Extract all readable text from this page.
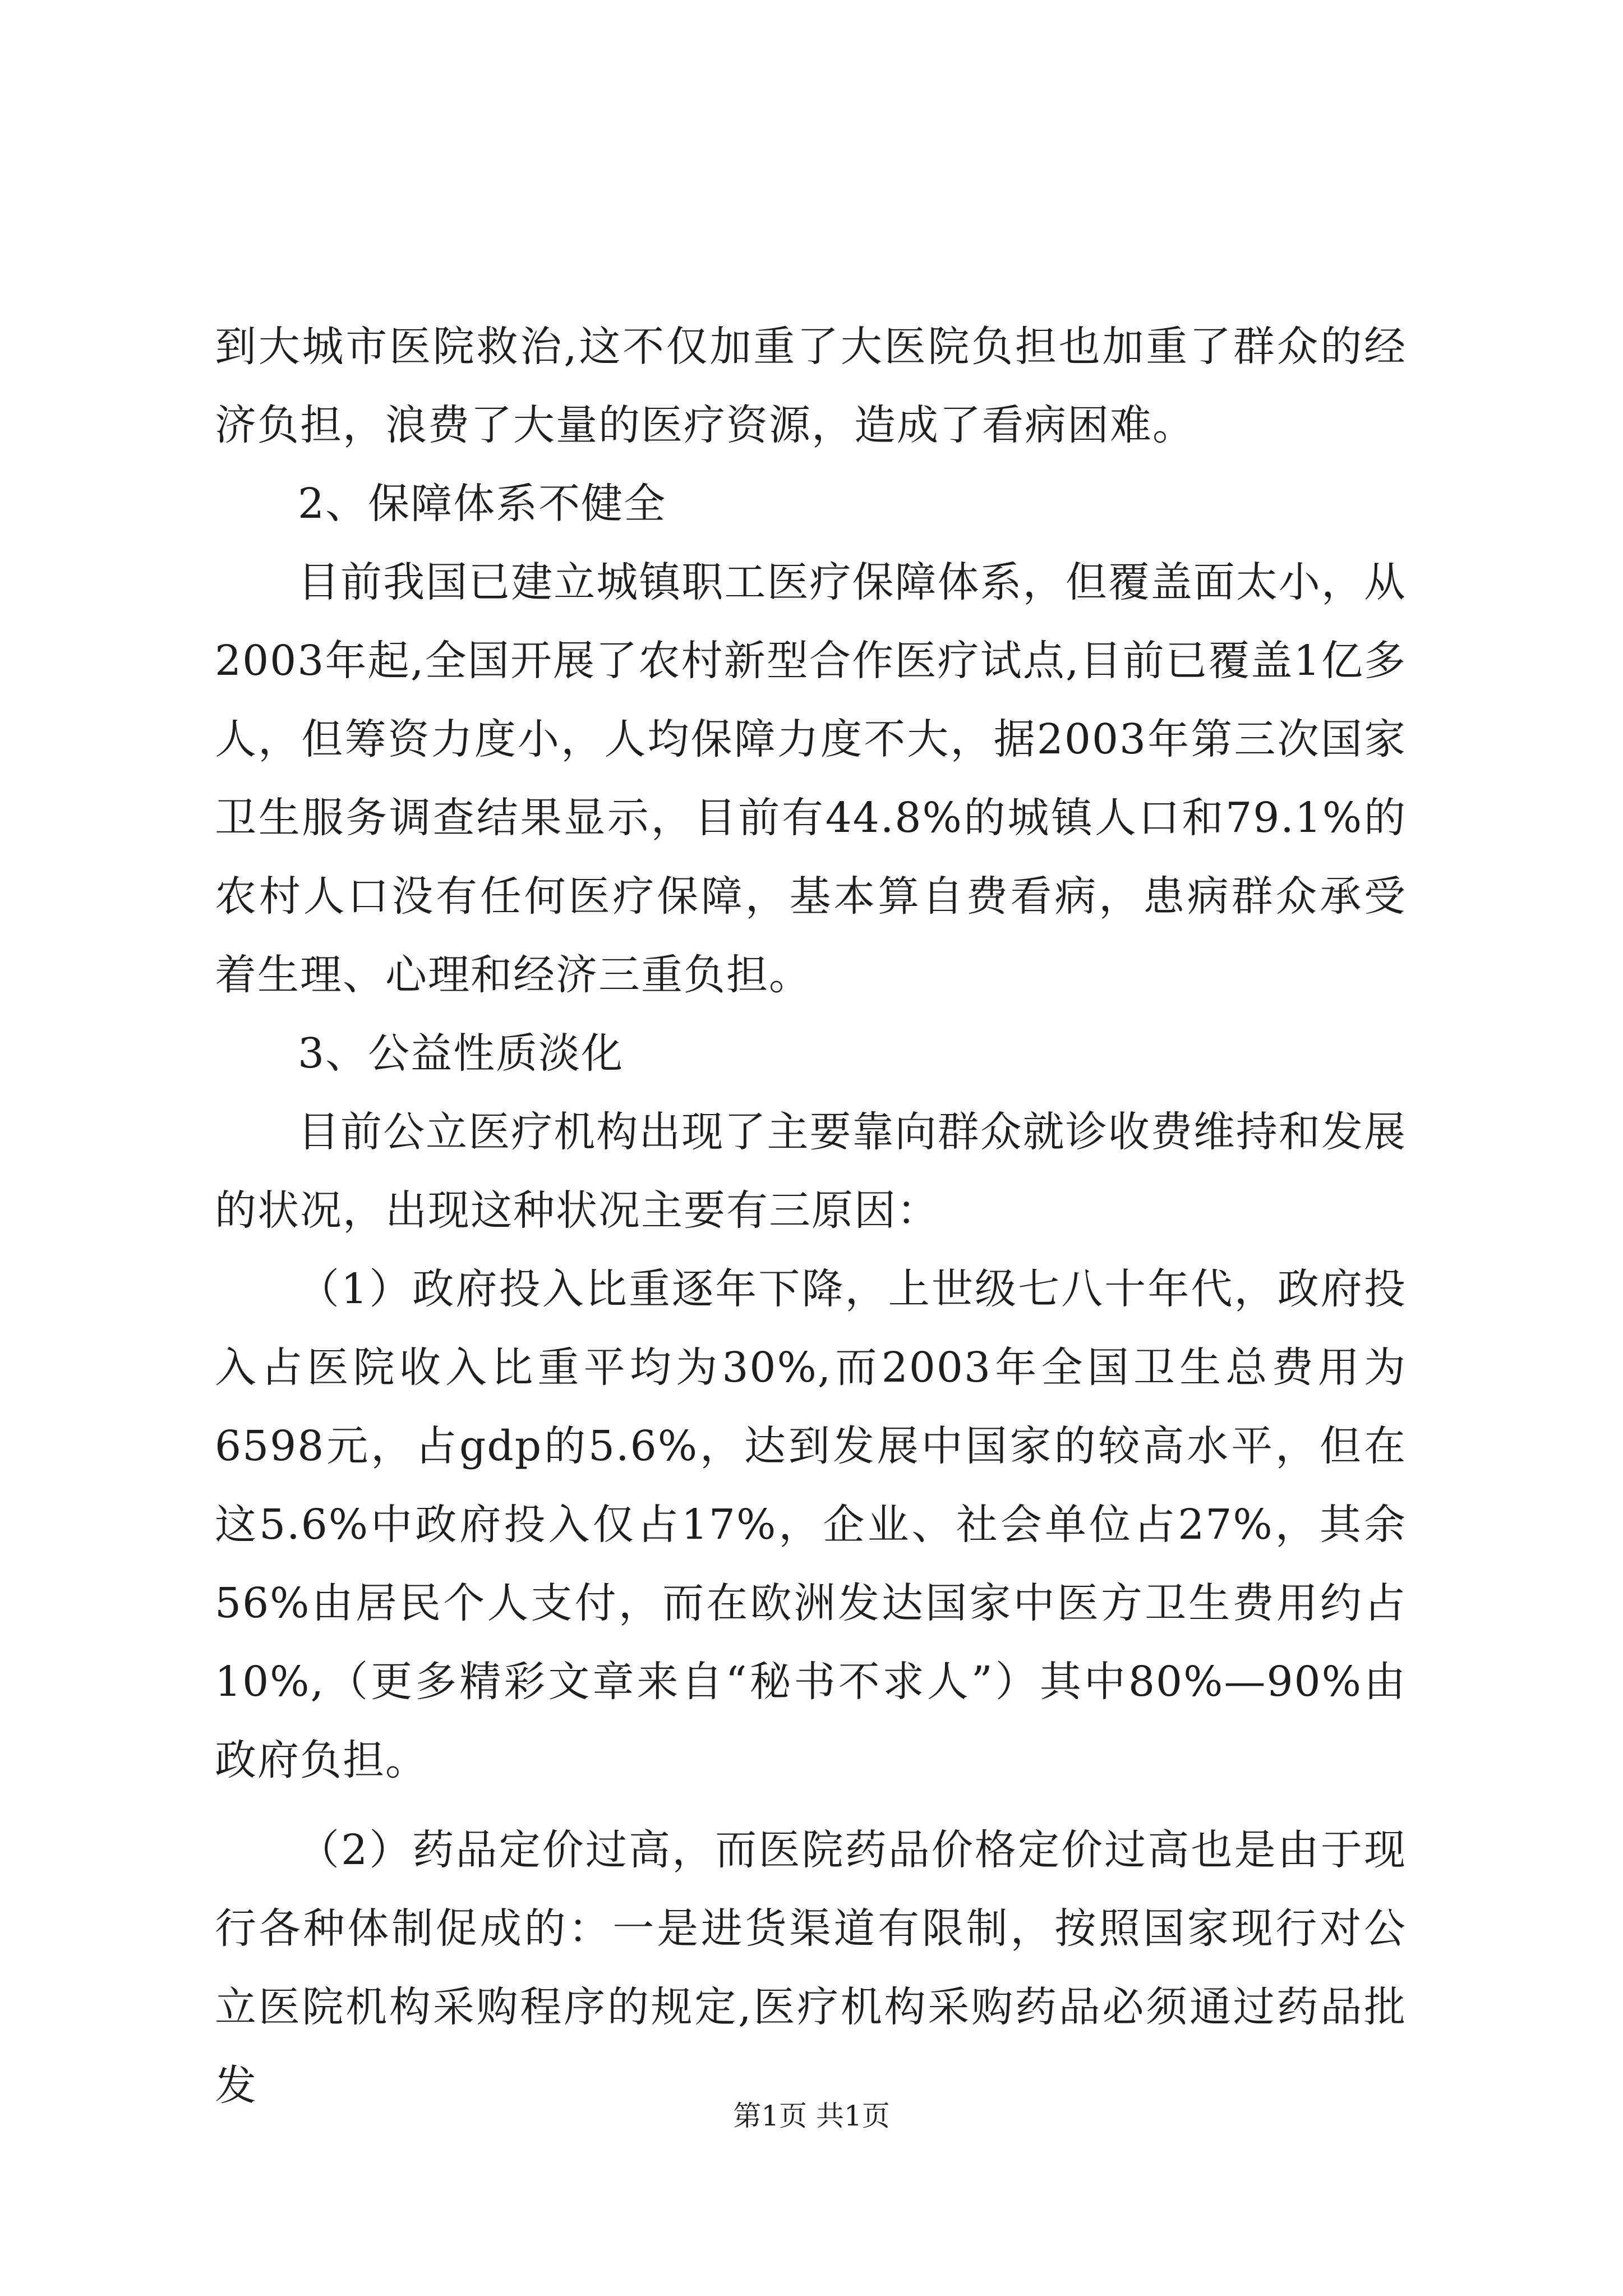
到大城市医院救治,这不仅加重了大医院负担也加重了群众的经济负担，浪费了大量的医疗资源，造成了看病困难。

2、保障体系不健全

目前我国已建立城镇职工医疗保障体系，但覆盖面太小，从2003年起,全国开展了农村新型合作医疗试点,目前已覆盖1亿多人，但筹资力度小，人均保障力度不大，据2003年第三次国家卫生服务调查结果显示，目前有44.8%的城镇人口和79.1%的农村人口没有任何医疗保障，基本算自费看病，患病群众承受着生理、心理和经济三重负担。

3、公益性质淡化

目前公立医疗机构出现了主要靠向群众就诊收费维持和发展的状况，出现这种状况主要有三原因：

（1）政府投入比重逐年下降，上世级七八十年代，政府投入占医院收入比重平均为30%,而2003年全国卫生总费用为6598元，占gdp的5.6%，达到发展中国家的较高水平，但在这5.6%中政府投入仅占17%，企业、社会单位占27%，其余56%由居民个人支付，而在欧洲发达国家中医方卫生费用约占10%,（更多精彩文章来自“秘书不求人”）其中80%—90%由政府负担。

（2）药品定价过高，而医院药品价格定价过高也是由于现行各种体制促成的：一是进货渠道有限制，按照国家现行对公立医院机构采购程序的规定,医疗机构采购药品必须通过药品批发

第1页 共1页
